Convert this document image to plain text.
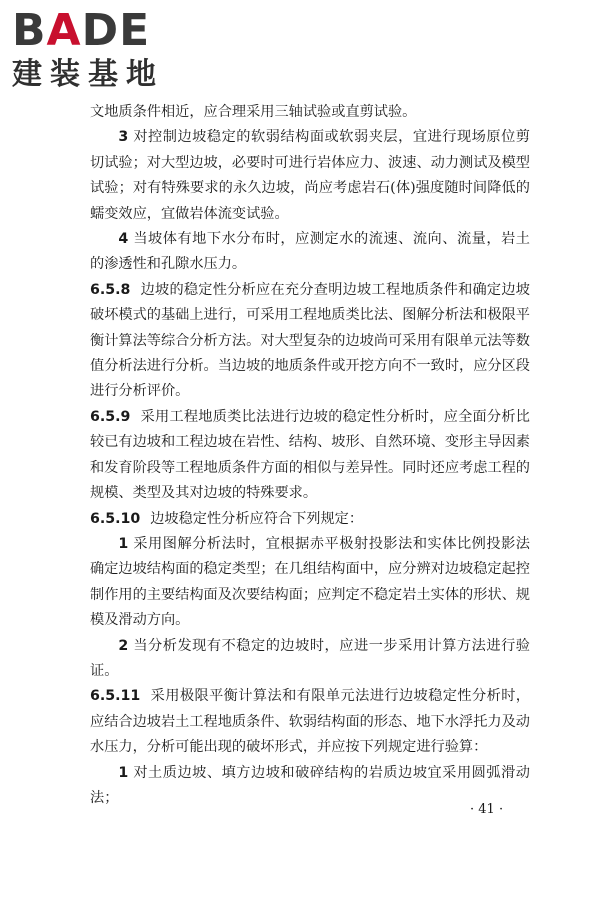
B A D E
建装基地

文地质条件相近，应合理采用三轴试验或直剪试验。

3 对控制边坡稳定的软弱结构面或软弱夹层，宜进行现场原位剪切试验；对大型边坡，必要时可进行岩体应力、波速、动力测试及模型试验；对有特殊要求的永久边坡，尚应考虑岩石(体)强度随时间降低的蠕变效应，宜做岩体流变试验。

4 当坡体有地下水分布时，应测定水的流速、流向、流量，岩土的渗透性和孔隙水压力。

6.5.8 边坡的稳定性分析应在充分查明边坡工程地质条件和确定边坡破坏模式的基础上进行，可采用工程地质类比法、图解分析法和极限平衡计算法等综合分析方法。对大型复杂的边坡尚可采用有限单元法等数值分析法进行分析。当边坡的地质条件或开挖方向不一致时，应分区段进行分析评价。

6.5.9 采用工程地质类比法进行边坡的稳定性分析时，应全面分析比较已有边坡和工程边坡在岩性、结构、坡形、自然环境、变形主导因素和发育阶段等工程地质条件方面的相似与差异性。同时还应考虑工程的规模、类型及其对边坡的特殊要求。

6.5.10 边坡稳定性分析应符合下列规定：

1 采用图解分析法时，宜根据赤平极射投影法和实体比例投影法确定边坡结构面的稳定类型；在几组结构面中，应分辨对边坡稳定起控制作用的主要结构面及次要结构面；应判定不稳定岩土实体的形状、规模及滑动方向。

2 当分析发现有不稳定的边坡时，应进一步采用计算方法进行验证。

6.5.11 采用极限平衡计算法和有限单元法进行边坡稳定性分析时，应结合边坡岩土工程地质条件、软弱结构面的形态、地下水浮托力及动水压力，分析可能出现的破坏形式，并应按下列规定进行验算：

1 对土质边坡、填方边坡和破碎结构的岩质边坡宜采用圆弧滑动法；

· 41 ·
